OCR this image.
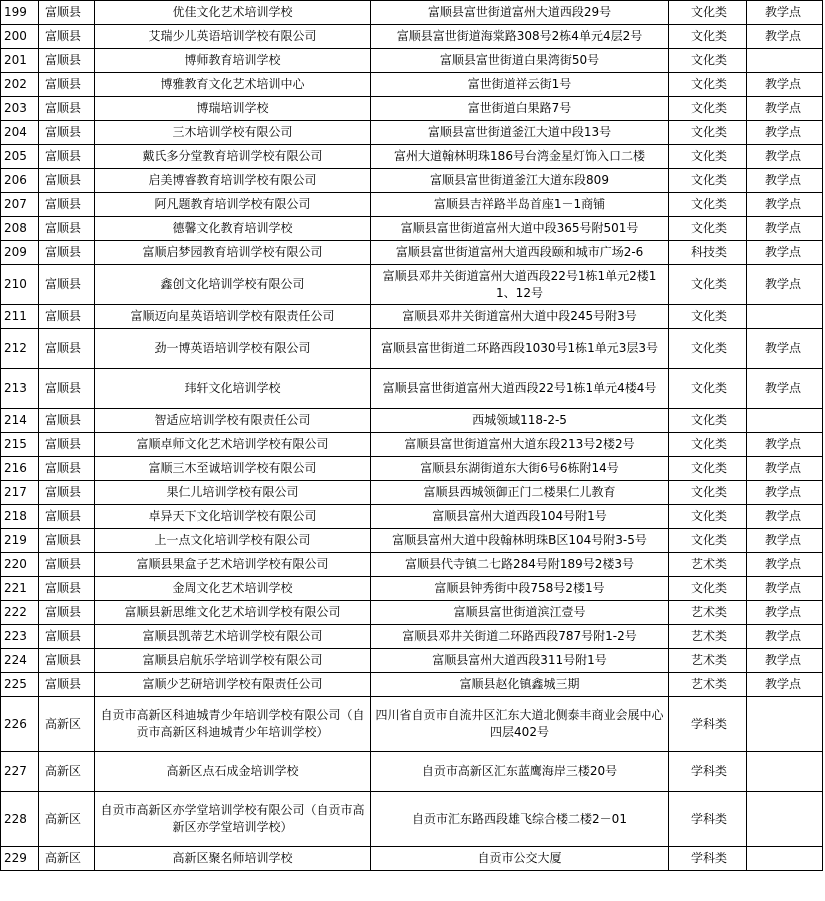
199	富顺县	优佳文化艺术培训学校	富顺县富世街道富州大道西段29号	文化类	教学点
200	富顺县	艾瑞少儿英语培训学校有限公司	富顺县富世街道海棠路308号2栋4单元4层2号	文化类	教学点
201	富顺县	博师教育培训学校	富顺县富世街道白果湾街50号	文化类	
202	富顺县	博雅教育文化艺术培训中心	富世街道祥云街1号	文化类	教学点
203	富顺县	博瑞培训学校	富世街道白果路7号	文化类	教学点
204	富顺县	三木培训学校有限公司	富顺县富世街道釜江大道中段13号	文化类	教学点
205	富顺县	戴氏多分堂教育培训学校有限公司	富州大道翰林明珠186号台湾金星灯饰入口二楼	文化类	教学点
206	富顺县	启美博睿教育培训学校有限公司	富顺县富世街道釜江大道东段809	文化类	教学点
207	富顺县	阿凡题教育培训学校有限公司	富顺县吉祥路半岛首座1－1商铺	文化类	教学点
208	富顺县	德馨文化教育培训学校	富顺县富世街道富州大道中段365号附501号	文化类	教学点
209	富顺县	富顺启梦园教育培训学校有限公司	富顺县富世街道富州大道西段颐和城市广场2-6	科技类	教学点
210	富顺县	鑫创文化培训学校有限公司	富顺县邓井关街道富州大道西段22号1栋1单元2楼11、12号	文化类	教学点
211	富顺县	富顺迈向星英语培训学校有限责任公司	富顺县邓井关街道富州大道中段245号附3号	文化类	
212	富顺县	劲一博英语培训学校有限公司	富顺县富世街道二环路西段1030号1栋1单元3层3号	文化类	教学点
213	富顺县	玮轩文化培训学校	富顺县富世街道富州大道西段22号1栋1单元4楼4号	文化类	教学点
214	富顺县	智适应培训学校有限责任公司	西城领域118-2-5	文化类	
215	富顺县	富顺卓师文化艺术培训学校有限公司	富顺县富世街道富州大道东段213号2楼2号	文化类	教学点
216	富顺县	富顺三木至诚培训学校有限公司	富顺县东湖街道东大街6号6栋附14号	文化类	教学点
217	富顺县	果仁儿培训学校有限公司	富顺县西城领御正门二楼果仁儿教育	文化类	教学点
218	富顺县	卓异天下文化培训学校有限公司	富顺县富州大道西段104号附1号	文化类	教学点
219	富顺县	上一点文化培训学校有限公司	富顺县富州大道中段翰林明珠B区104号附3-5号	文化类	教学点
220	富顺县	富顺县果盒子艺术培训学校有限公司	富顺县代寺镇二七路284号附189号2楼3号	艺术类	教学点
221	富顺县	金周文化艺术培训学校	富顺县钟秀街中段758号2楼1号	文化类	教学点
222	富顺县	富顺县新思维文化艺术培训学校有限公司	富顺县富世街道滨江壹号	艺术类	教学点
223	富顺县	富顺县凯蒂艺术培训学校有限公司	富顺县邓井关街道二环路西段787号附1-2号	艺术类	教学点
224	富顺县	富顺县启航乐学培训学校有限公司	富顺县富州大道西段311号附1号	艺术类	教学点
225	富顺县	富顺少艺研培训学校有限责任公司	富顺县赵化镇鑫城三期	艺术类	教学点
226	高新区	自贡市高新区科迪城青少年培训学校有限公司（自贡市高新区科迪城青少年培训学校）	四川省自贡市自流井区汇东大道北侧泰丰商业会展中心四层402号	学科类	
227	高新区	高新区点石成金培训学校	自贡市高新区汇东蓝鹰海岸三楼20号	学科类	
228	高新区	自贡市高新区亦学堂培训学校有限公司（自贡市高新区亦学堂培训学校）	自贡市汇东路西段雄飞综合楼二楼2－01	学科类	
229	高新区	高新区聚名师培训学校	自贡市公交大厦	学科类	
